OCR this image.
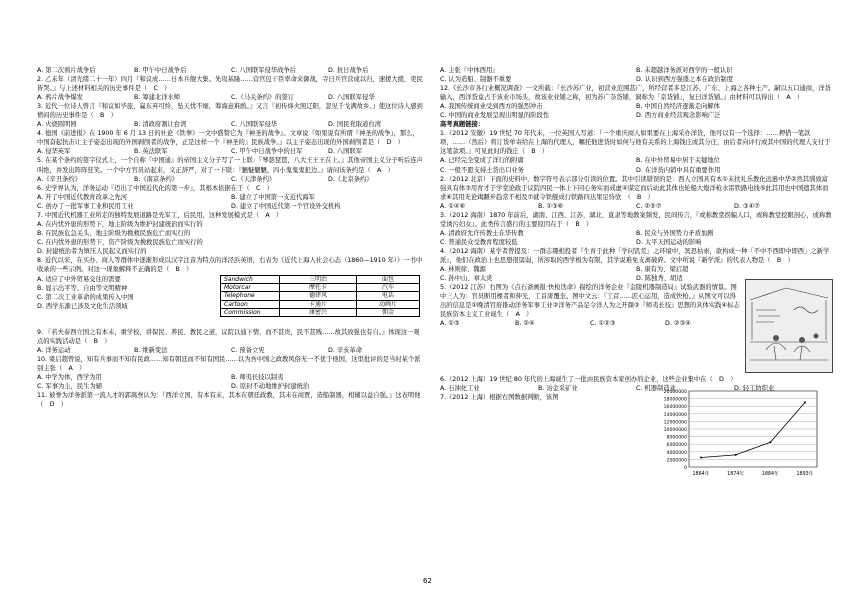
A. 第二次鸦片战争后	B. 甲午中日战争后	C. 八国联军侵华战争后	D. 抗日战争后
2. 乙未年（清光绪二十一年）四月『和议成……日本兵舰大集。先攻基隆……营官包干臣率命来御战，寺日兵官营或以归，速援大援，吏民皆哭。』与上述材料相关的历史事件是（　C　）
A. 鸦片战争爆发	B. 筹建北洋水师	C.《马关条约》的签订	D. 八国联军侵华
3. 近代一位诗人曾言『和议如毕旅，赢东弃可怜，坠天忧不细，筹海意难酌。』又言『初传烽火照辽阳，忽见千戈满故乡。』使这位诗人感到愤闷的历史事件是（　B　）
A. 火烧圆明园	B. 清政府割让台湾	C. 八国联军侵华	D. 国民党取道台湾
4. 德国《前进报》在 1900 年 6 月 13 日的社论《铁拳》一文中盛赞它为『神圣的战争』。文章说『如果说有所谓『神圣的战争』，那么，中国奋起抗击让主子姿态出现的外国剥削者的战争，正是这样一个『神圣的』民族战争。』以主子姿态出现的外国剥削者是（　D　）
A. 侵华英军	B. 英法联军	C. 甲午中日战争中的日军	D. 八国联军
5. 在某个条约的签字仪式上，一个自称『中国通』的帝国主义分子写了一上联：『琴瑟琵琶，八大王王王在上。』其他帝国主义分子听后连声叫绝，并发出阵阵狂笑。一个中方官员站起来，义正辞严，对了一下联：『魑魅魍魉，四小鬼鬼鬼犯边。』请问该条约是（　A　）
A.《辛丑条约》	B.《南京条约》	C.《天津条约》	D.《北京条约》
6. 史学界认为，洋务运动『迈出了中国近代化的第一步』，其根本依据在于（　C　）
A. 开了中国近代教育改革之先河	B. 建立了中国第一支近代海军
C. 创办了一批军事工业和民用工业	D. 建立了中国近代第一个官设外交机构
7. 中国近代机器工业所走的独特发展道路是先军工，后民用，这种发展模式是（　A　）
A. 在内忧外患的形势下，地主阶级为维护封建统治而实行的
B. 在民族危急关头，地主阶级为挽救民族危亡而实行的
C. 在内忧外患的形势下，资产阶级为挽救民族危亡而实行的
D. 封建统治者为镇压人民起义而实行的
8. 近代以来，在买办、商人等群体中逐渐形成以汉字注音为特点的洋泾浜英语，右表为《近代上海人社会心态（1860—1910 年）》一书中收录的一些示例。对这一现象解释不正确的是（　B　）
A. 适应了中外贸易交往的需要
B. 显示出平等、自由等文明精神
C. 第二次工业革命的成果传入中国
D. 西学东渐已涉及文化生活领域
Sandwich	三明治	面包
Motorcar	摩托卡	汽车
Telephone	德律风	电话
Cartoon	卡通片	动画片
Commission	康密兴	佣金
9. 『若夫泰西立国之有本末，重学校，讲保民、养民、教民之道，议院以通下情，而不甚贵，民不甚贱……故其致强也有自。』体现这一观点的实践活动是（　B　）
A. 洋务运动	B. 维新变法	C. 预备立宪	D. 辛亥革命
10. 梁启超曾说，知有兵事而不知有民政……知有朝廷而不知有国民……以为吾中国之政教风俗无一不优于他国，这里批评的是当时某个派别主张（　A　）
A. 中学为体，西学为用	B. 师夷长技以制夷
C. 军事为主，民生为辅	D. 原封不动地维护封建统治
11. 被誉为洋务派第一流人才的郭嵩焘认为：『西洋立国，有本有末，其本在朝廷政教，其末在商贾，造船制器，相辅以益自强。』这表明他（　D　）
A. 主张『中体西用』	B. 未超越洋务派对西学的一般认识
C. 认为造船、制器不重要	D. 认识到西方强盛之本在政治制度
12.《长沙市各行业概况调查》一文所载：『长沙苏广业，初营业范围甚广，所经营者多是江苏、广东、上海之各种土产。嗣以五口通商，洋货输入，西洋货竟占于该业市场头，故该业业铺之称，初为苏广杂货铺，洞称为「京货铺」，复曰洋货铺。』由材料可以得出（　A　）
A. 我国传统商业受到西方的强烈冲击	B. 中国自然经济逐渐走向解体
C. 中国的商业发展呈现出明显的阶段性	D. 西方商业经营观念影响广泛
高考真题链接：
1.（2012 安徽）19 世纪 70 年代末，一位英国人写道：『一个重庆商人如果要在上海采办洋货，他可以有一个选择：……押借一笔款项，……（然后）将订货单寄给在上海的代理人，嘱托他进货时如何与他有关系的上海钱庄或其分庄，由后者向评行或其中国的代理人支付于这笔款项。』可见此时的钱庄（　B　）
A. 已经完全变成了洋行的附庸	B. 在中外贸易中居于关键地位
C. 一般不愿支持土货出口业务	D. 在洋货内销中具有重要作用
2.（2012 北京）下面的史料中，数字符号表示部分引读的位置。其中引读错误的是：西人立国具有本①末扶礼乐教化远逊中华②然其驯致富强具有体③用育才于学堂论政于议院四民一体上下同心务实而戒虚④谋定而后动此其体也轮船大炮洋枪水雷铁路电线⑤此其用也中国遗其体而求⑥其用无论竭蹶步趋常不相及⑦就令铁舰成行铁路四达果足恃欤　（　B　）
A. ①④⑥	B. ①③⑥	C. ②⑤⑦	D. ③④⑦
3.（2012 海南）1870 年前后，湖南、江西、江苏、湖北、直隶等地教案频发，民间传言，『或称教堂拐骗人口，或称教堂挖眼剖心，或称教堂诱污妇女』。此类传言盛行的主要原因在于（　B　）
A. 清政府允许传教士在华传教	B. 民众与外国势力矛盾加剧
C. 普通民众受教育程度较低	D. 太平天国运动的影响
4.（2012 海南）某学者曾提及：一群志趣相投者『生育于此种「学问饥荒」之环境中，冥思枯索，欲构成一种「不中不西即中即西」之新学派』，他们在政治上也思想很孱弱，所涉取的西学极为有限，其学说难免支离破碎。文中所说『新学派』的代表人物是（　B　）
A. 林则徐、魏源	B. 康有为、梁启超
C. 孙中山、章太炎	D. 陈独秀、胡适
5.（2012 江苏）右图为《点石斋画报·快枪迭命》描绘的洋务企业『金陵机器制造局』试验武器的情景。图中三人为：官员断用棵者和伸光，工首唐覆奎。图中文云：『工首……匠心运用，造成快枪。』从图文可以得出的信息是①晚清官府推动洋务军事工业②洋务产品足令洋人为之开颜③『师夷长技』思想的具体实践④标志民族资本主义工业诞生（　A　）
A. ①③	B. ②④	C. ①②③	D. ②③④
6.（2012 上海）19 世纪 80 年代的上海诞生了一批由民族资本家创办的企业，这些企业集中在（　D　）
A. 石油化工业	B. 冶金采矿业	C. 机器制造业	D. 轻工纺织业
7.（2012 上海）根据右图数据判断，该图
0
2000000
4000000
6000000
8000000
10000000
12000000
14000000
16000000
18000000
20000000
1864年	1874年	1884年	1893年
62
